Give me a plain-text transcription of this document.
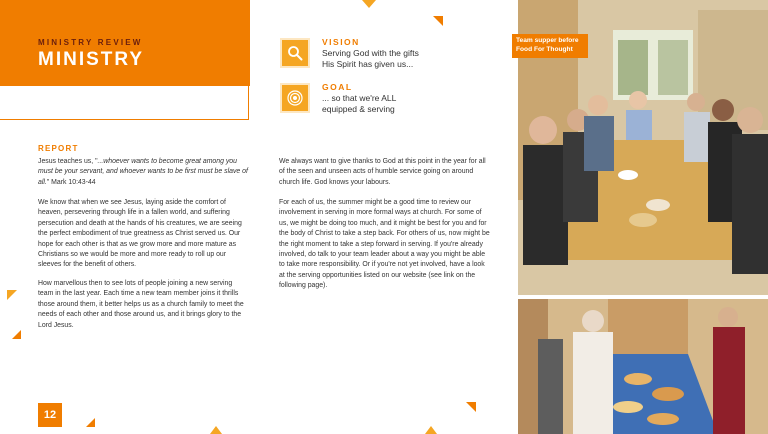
MINISTRY REVIEW
MINISTRY
VISION
Serving God with the gifts
His Spirit has given us...
GOAL
... so that we're ALL
equipped & serving
REPORT
Jesus teaches us, "...whoever wants to become great among you must be your servant, and whoever wants to be first must be slave of all." Mark 10:43-44
We know that when we see Jesus, laying aside the comfort of heaven, persevering through life in a fallen world, and suffering persecution and death at the hands of his creatures, we are seeing the perfect embodiment of true greatness as Christ served us. Our hope for each other is that as we grow more and more mature as Christians so we would be more and more ready to roll up our sleeves for the benefit of others.
How marvellous then to see lots of people joining a new serving team in the last year. Each time a new team member joins it thrills those around them, it better helps us as a church family to meet the needs of each other and those around us, and it brings glory to the Lord Jesus.
We always want to give thanks to God at this point in the year for all of the seen and unseen acts of humble service going on around church life. God knows your labours.
For each of us, the summer might be a good time to review our involvement in serving in more formal ways at church. For some of us, we might be doing too much, and it might be best for you and for the body of Christ to take a step back. For others of us, now might be the right moment to take a step forward in serving. If you're already involved, do talk to your team leader about a way you might be able to take more responsibility. Or if you're not yet involved, have a look at the serving opportunities listed on our website (see link on the following page).
12
Team supper before Food For Thought
